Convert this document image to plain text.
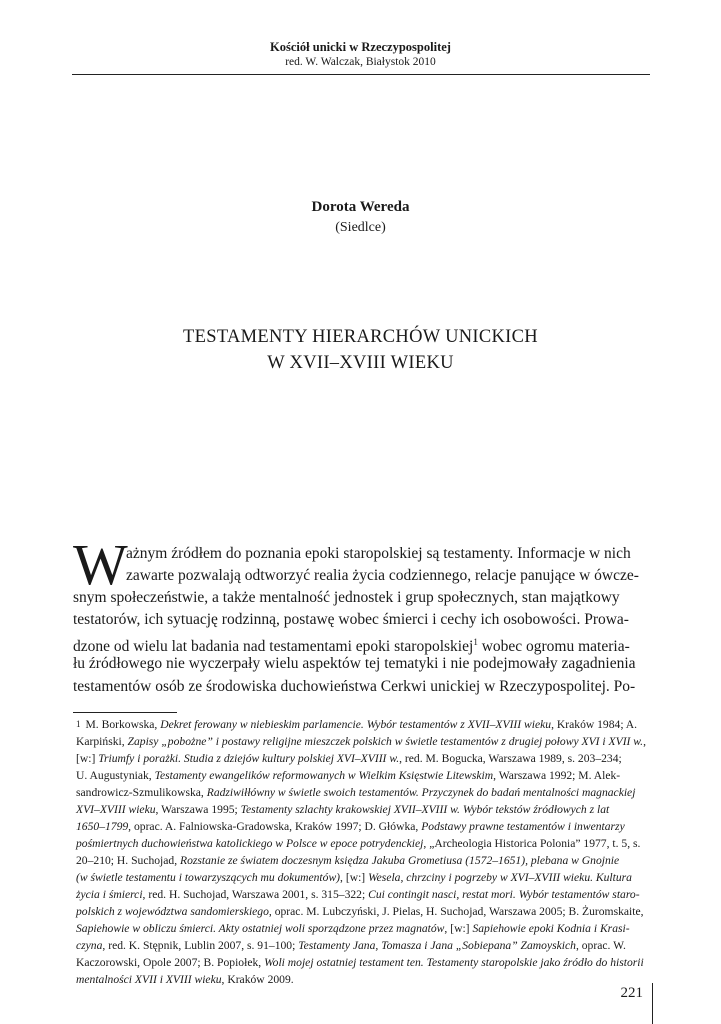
Kościół unicki w Rzeczypospolitej
red. W. Walczak, Białystok 2010
Dorota Wereda
(Siedlce)
TESTAMENTY HIERARCHÓW UNICKICH
W XVII–XVIII WIEKU
W
ażnym źródłem do poznania epoki staropolskiej są testamenty. Informacje w nich
zawarte pozwalają odtworzyć realia życia codziennego, relacje panujące w ówcze-
snym społeczeństwie, a także mentalność jednostek i grup społecznych, stan majątkowy
testatorów, ich sytuację rodzinną, postawę wobec śmierci i cechy ich osobowości. Prowa-
dzone od wielu lat badania nad testamentami epoki staropolskiej$^1$ wobec ogromu materia-
łu źródłowego nie wyczerpały wielu aspektów tej tematyki i nie podejmowały zagadnienia
testamentów osób ze środowiska duchowieństwa Cerkwi unickiej w Rzeczypospolitej. Po-
1 M. Borkowska, Dekret ferowany w niebieskim parlamencie. Wybór testamentów z XVII–XVIII wieku, Kraków 1984; A.
Karpiński, Zapisy „pobożne” i postawy religijne mieszczek polskich w świetle testamentów z drugiej połowy XVI i XVII w.,
[w:] Triumfy i porażki. Studia z dziejów kultury polskiej XVI–XVIII w., red. M. Bogucka, Warszawa 1989, s. 203–234;
U. Augustyniak, Testamenty ewangelików reformowanych w Wielkim Księstwie Litewskim, Warszawa 1992; M. Alek-
sandrowicz-Szmulikowska, Radziwiłłówny w świetle swoich testamentów. Przyczynek do badań mentalności magnackiej
XVI–XVIII wieku, Warszawa 1995; Testamenty szlachty krakowskiej XVII–XVIII w. Wybór tekstów źródłowych z lat
1650–1799, oprac. A. Falniowska-Gradowska, Kraków 1997; D. Główka, Podstawy prawne testamentów i inwentarzy
pośmiertnych duchowieństwa katolickiego w Polsce w epoce potrydenckiej, „Archeologia Historica Polonia” 1977, t. 5, s.
20–210; H. Suchojad, Rozstanie ze światem doczesnym księdza Jakuba Grometiusa (1572–1651), plebana w Gnojnie
(w świetle testamentu i towarzyszących mu dokumentów), [w:] Wesela, chrzciny i pogrzeby w XVI–XVIII wieku. Kultura
życia i śmierci, red. H. Suchojad, Warszawa 2001, s. 315–322; Cui contingit nasci, restat mori. Wybór testamentów staro-
polskich z województwa sandomierskiego, oprac. M. Lubczyński, J. Pielas, H. Suchojad, Warszawa 2005; B. Żuromskaite,
Sapiehowie w obliczu śmierci. Akty ostatniej woli sporządzone przez magnatów, [w:] Sapiehowie epoki Kodnia i Krasi-
czyna, red. K. Stępnik, Lublin 2007, s. 91–100; Testamenty Jana, Tomasza i Jana „Sobiepana” Zamoyskich, oprac. W.
Kaczorowski, Opole 2007; B. Popiołek, Woli mojej ostatniej testament ten. Testamenty staropolskie jako źródło do historii
mentalności XVII i XVIII wieku, Kraków 2009.
221
